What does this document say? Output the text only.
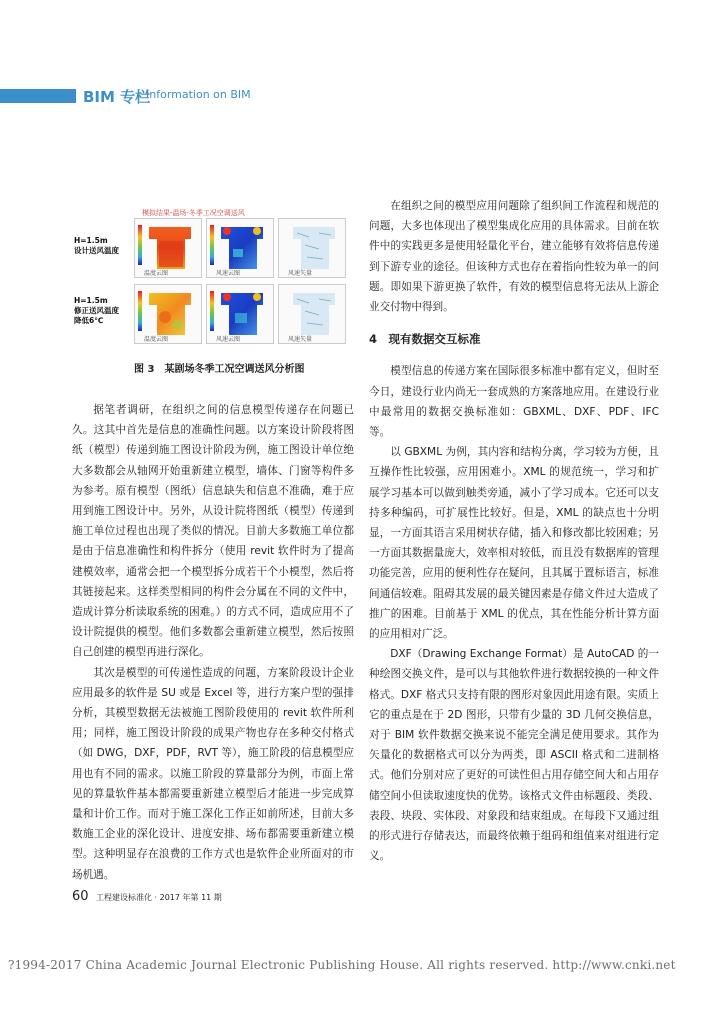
BIM 专栏
Information on BIM
模拟结果-温场-冬季工况空调送风
H=1.5m
设计送风温度
H=1.5m
修正送风温度
降低6℃
温度云图	风速云图	风速矢量
温度云图	风速云图	风速矢量
图 3　某剧场冬季工况空调送风分析图

据笔者调研，在组织之间的信息模型传递存在问题已久。这其中首先是信息的准确性问题。以方案设计阶段将图纸（模型）传递到施工图设计阶段为例，施工图设计单位绝大多数都会从轴网开始重新建立模型，墙体、门窗等构件多为参考。原有模型（图纸）信息缺失和信息不准确，难于应用到施工图设计中。另外，从设计院将图纸（模型）传递到施工单位过程也出现了类似的情况。目前大多数施工单位都是由于信息准确性和构件拆分（使用 revit 软件时为了提高建模效率，通常会把一个模型拆分成若干个小模型，然后将其链接起来。这样类型相同的构件会分属在不同的文件中，造成计算分析读取系统的困难。）的方式不同，造成应用不了设计院提供的模型。他们多数都会重新建立模型，然后按照自己创建的模型再进行深化。

其次是模型的可传递性造成的问题，方案阶段设计企业应用最多的软件是 SU 或是 Excel 等，进行方案户型的强排分析，其模型数据无法被施工图阶段使用的 revit 软件所利用；同样，施工图设计阶段的成果产物也存在多种交付格式（如 DWG，DXF，PDF，RVT 等），施工阶段的信息模型应用也有不同的需求。以施工阶段的算量部分为例，市面上常见的算量软件基本都需要重新建立模型后才能进一步完成算量和计价工作。而对于施工深化工作正如前所述，目前大多数施工企业的深化设计、进度安排、场布都需要重新建立模型。这种明显存在浪费的工作方式也是软件企业所面对的市场机遇。

在组织之间的模型应用问题除了组织间工作流程和规范的问题，大多也体现出了模型集成化应用的具体需求。目前在软件中的实践更多是使用轻量化平台，建立能够有效将信息传递到下游专业的途径。但该种方式也存在着指向性较为单一的问题。即如果下游更换了软件，有效的模型信息将无法从上游企业交付物中得到。

4　现有数据交互标准

模型信息的传递方案在国际很多标准中都有定义，但时至今日，建设行业内尚无一套成熟的方案落地应用。在建设行业中最常用的数据交换标准如：GBXML、DXF、PDF、IFC 等。

以 GBXML 为例，其内容和结构分离，学习较为方便，且互操作性比较强，应用困难小。XML 的规范统一，学习和扩展学习基本可以做到触类旁通，减小了学习成本。它还可以支持多种编码，可扩展性比较好。但是，XML 的缺点也十分明显，一方面其语言采用树状存储，插入和修改都比较困难；另一方面其数据量庞大，效率相对较低，而且没有数据库的管理功能完善，应用的便利性存在疑问，且其属于置标语言，标准间通信较难。阻碍其发展的最关键因素是存储文件过大造成了推广的困难。目前基于 XML 的优点，其在性能分析计算方面的应用相对广泛。

DXF（Drawing Exchange Format）是 AutoCAD 的一种绘图交换文件，是可以与其他软件进行数据较换的一种文件格式。DXF 格式只支持有限的图形对象因此用途有限。实质上它的重点是在于 2D 图形，只带有少量的 3D 几何交换信息，对于 BIM 软件数据交换来说不能完全满足使用要求。其作为矢量化的数据格式可以分为两类，即 ASCII 格式和二进制格式。他们分别对应了更好的可读性但占用存储空间大和占用存储空间小但读取速度快的优势。该格式文件由标题段、类段、表段、块段、实体段、对象段和结束组成。在每段下又通过组的形式进行存储表达，而最终依赖于组码和组值来对组进行定义。

60 工程建设标准化 · 2017 年第 11 期
?1994-2017 China Academic Journal Electronic Publishing House. All rights reserved. http://www.cnki.net
